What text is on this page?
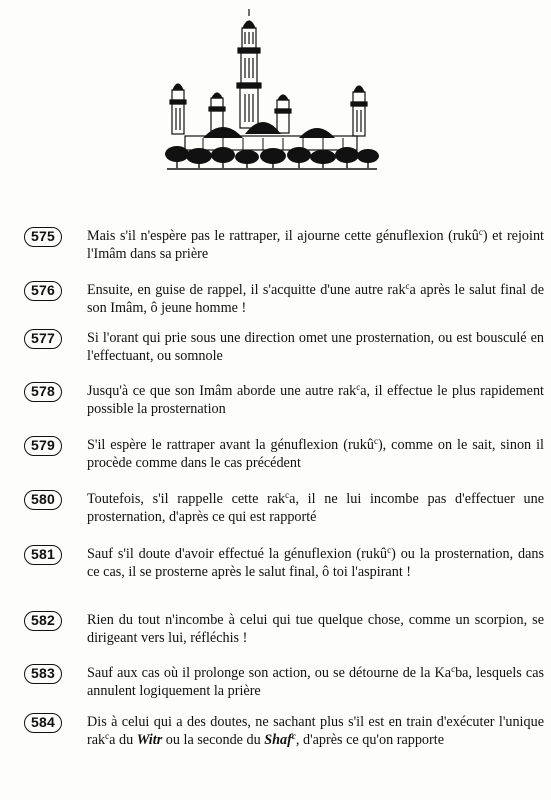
575	Mais s'il n'espère pas le rattraper, il ajourne cette génuflexion (rukû$^c$) et rejoint l'Imâm dans sa prière
576	Ensuite, en guise de rappel, il s'acquitte d'une autre rak$^c$a après le salut final de son Imâm, ô jeune homme !
577	Si l'orant qui prie sous une direction omet une prosternation, ou est bousculé en l'effectuant, ou somnole
578	Jusqu'à ce que son Imâm aborde une autre rak$^c$a, il effectue le plus rapidement possible la prosternation
579	S'il espère le rattraper avant la génuflexion (rukû$^c$), comme on le sait, sinon il procède comme dans le cas précédent
580	Toutefois, s'il rappelle cette rak$^c$a, il ne lui incombe pas d'effectuer une prosternation, d'après ce qui est rapporté
581	Sauf s'il doute d'avoir effectué la génuflexion (rukû$^c$) ou la prosternation, dans ce cas, il se prosterne après le salut final, ô toi l'aspirant !
582	Rien du tout n'incombe à celui qui tue quelque chose, comme un scorpion, se dirigeant vers lui, réfléchis !
583	Sauf aux cas où il prolonge son action, ou se détourne de la Ka$^c$ba, lesquels cas annulent logiquement la prière
584	Dis à celui qui a des doutes, ne sachant plus s'il est en train d'exécuter l'unique rak$^c$a du Witr ou la seconde du Shaf$^c$, d'après ce qu'on rapporte
